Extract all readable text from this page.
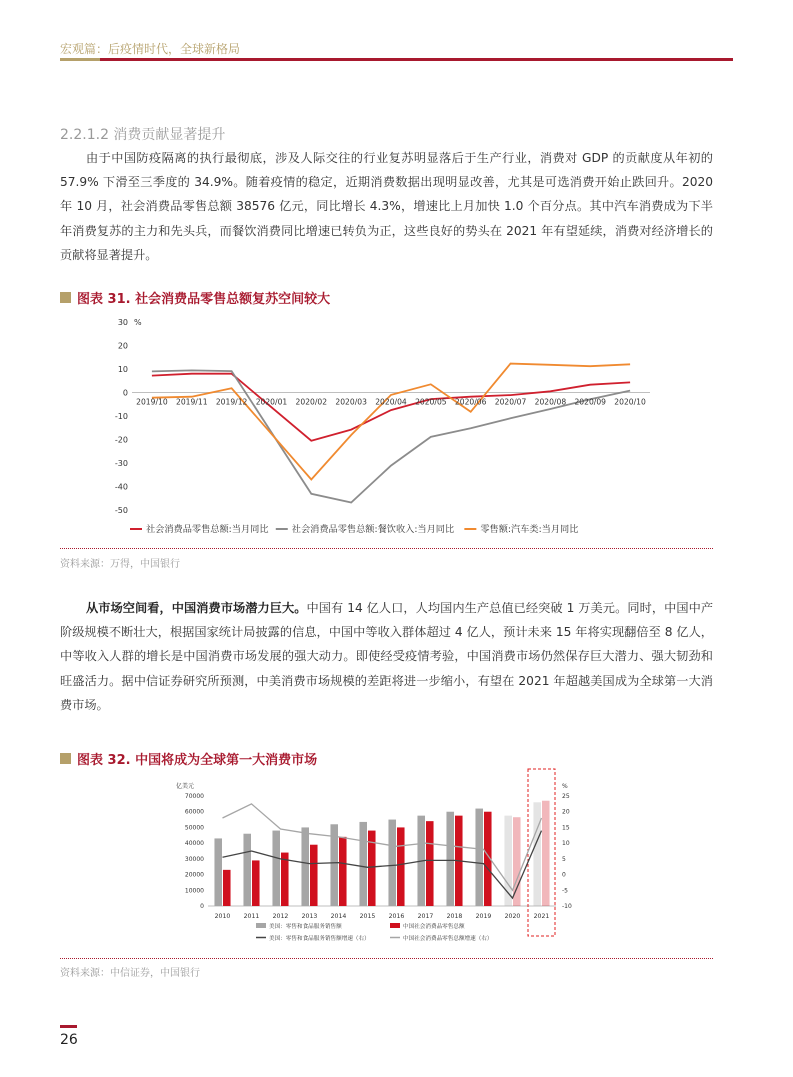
宏观篇：后疫情时代，全球新格局
2.2.1.2 消费贡献显著提升
由于中国防疫隔离的执行最彻底，涉及人际交往的行业复苏明显落后于生产行业，消费对 GDP 的贡献度从年初的 57.9% 下滑至三季度的 34.9%。随着疫情的稳定，近期消费数据出现明显改善，尤其是可选消费开始止跌回升。2020 年 10 月，社会消费品零售总额 38576 亿元，同比增长 4.3%，增速比上月加快 1.0 个百分点。其中汽车消费成为下半年消费复苏的主力和先头兵，而餐饮消费同比增速已转负为正，这些良好的势头在 2021 年有望延续，消费对经济增长的贡献将显著提升。
图表 31. 社会消费品零售总额复苏空间较大
30
20
10
0
-10
-20
-30
-40
-50
%
2019/10 2019/11 2019/12 2020/01 2020/02 2020/03 2020/04 2020/05 2020/06 2020/07 2020/08 2020/09 2020/10
社会消费品零售总额:当月同比	社会消费品零售总额:餐饮收入:当月同比	零售额:汽车类:当月同比
资料来源：万得，中国银行
从市场空间看，中国消费市场潜力巨大。中国有 14 亿人口，人均国内生产总值已经突破 1 万美元。同时，中国中产阶级规模不断壮大，根据国家统计局披露的信息，中国中等收入群体超过 4 亿人，预计未来 15 年将实现翻倍至 8 亿人，中等收入人群的增长是中国消费市场发展的强大动力。即使经受疫情考验，中国消费市场仍然保存巨大潜力、强大韧劲和旺盛活力。据中信证券研究所预测，中美消费市场规模的差距将进一步缩小，有望在 2021 年超越美国成为全球第一大消费市场。
图表 32. 中国将成为全球第一大消费市场
亿美元	%
70000
60000
50000
40000
30000
20000
10000
0
25
20
15
10
5
0
-5
-10
2010 2011 2012 2013 2014 2015 2016 2017 2018 2019 2020 2021
美国：零售和食品服务销售额	中国社会消费品零售总额
美国：零售和食品服务销售额增速（右）	中国社会消费品零售总额增速（右）
资料来源：中信证券，中国银行
26
